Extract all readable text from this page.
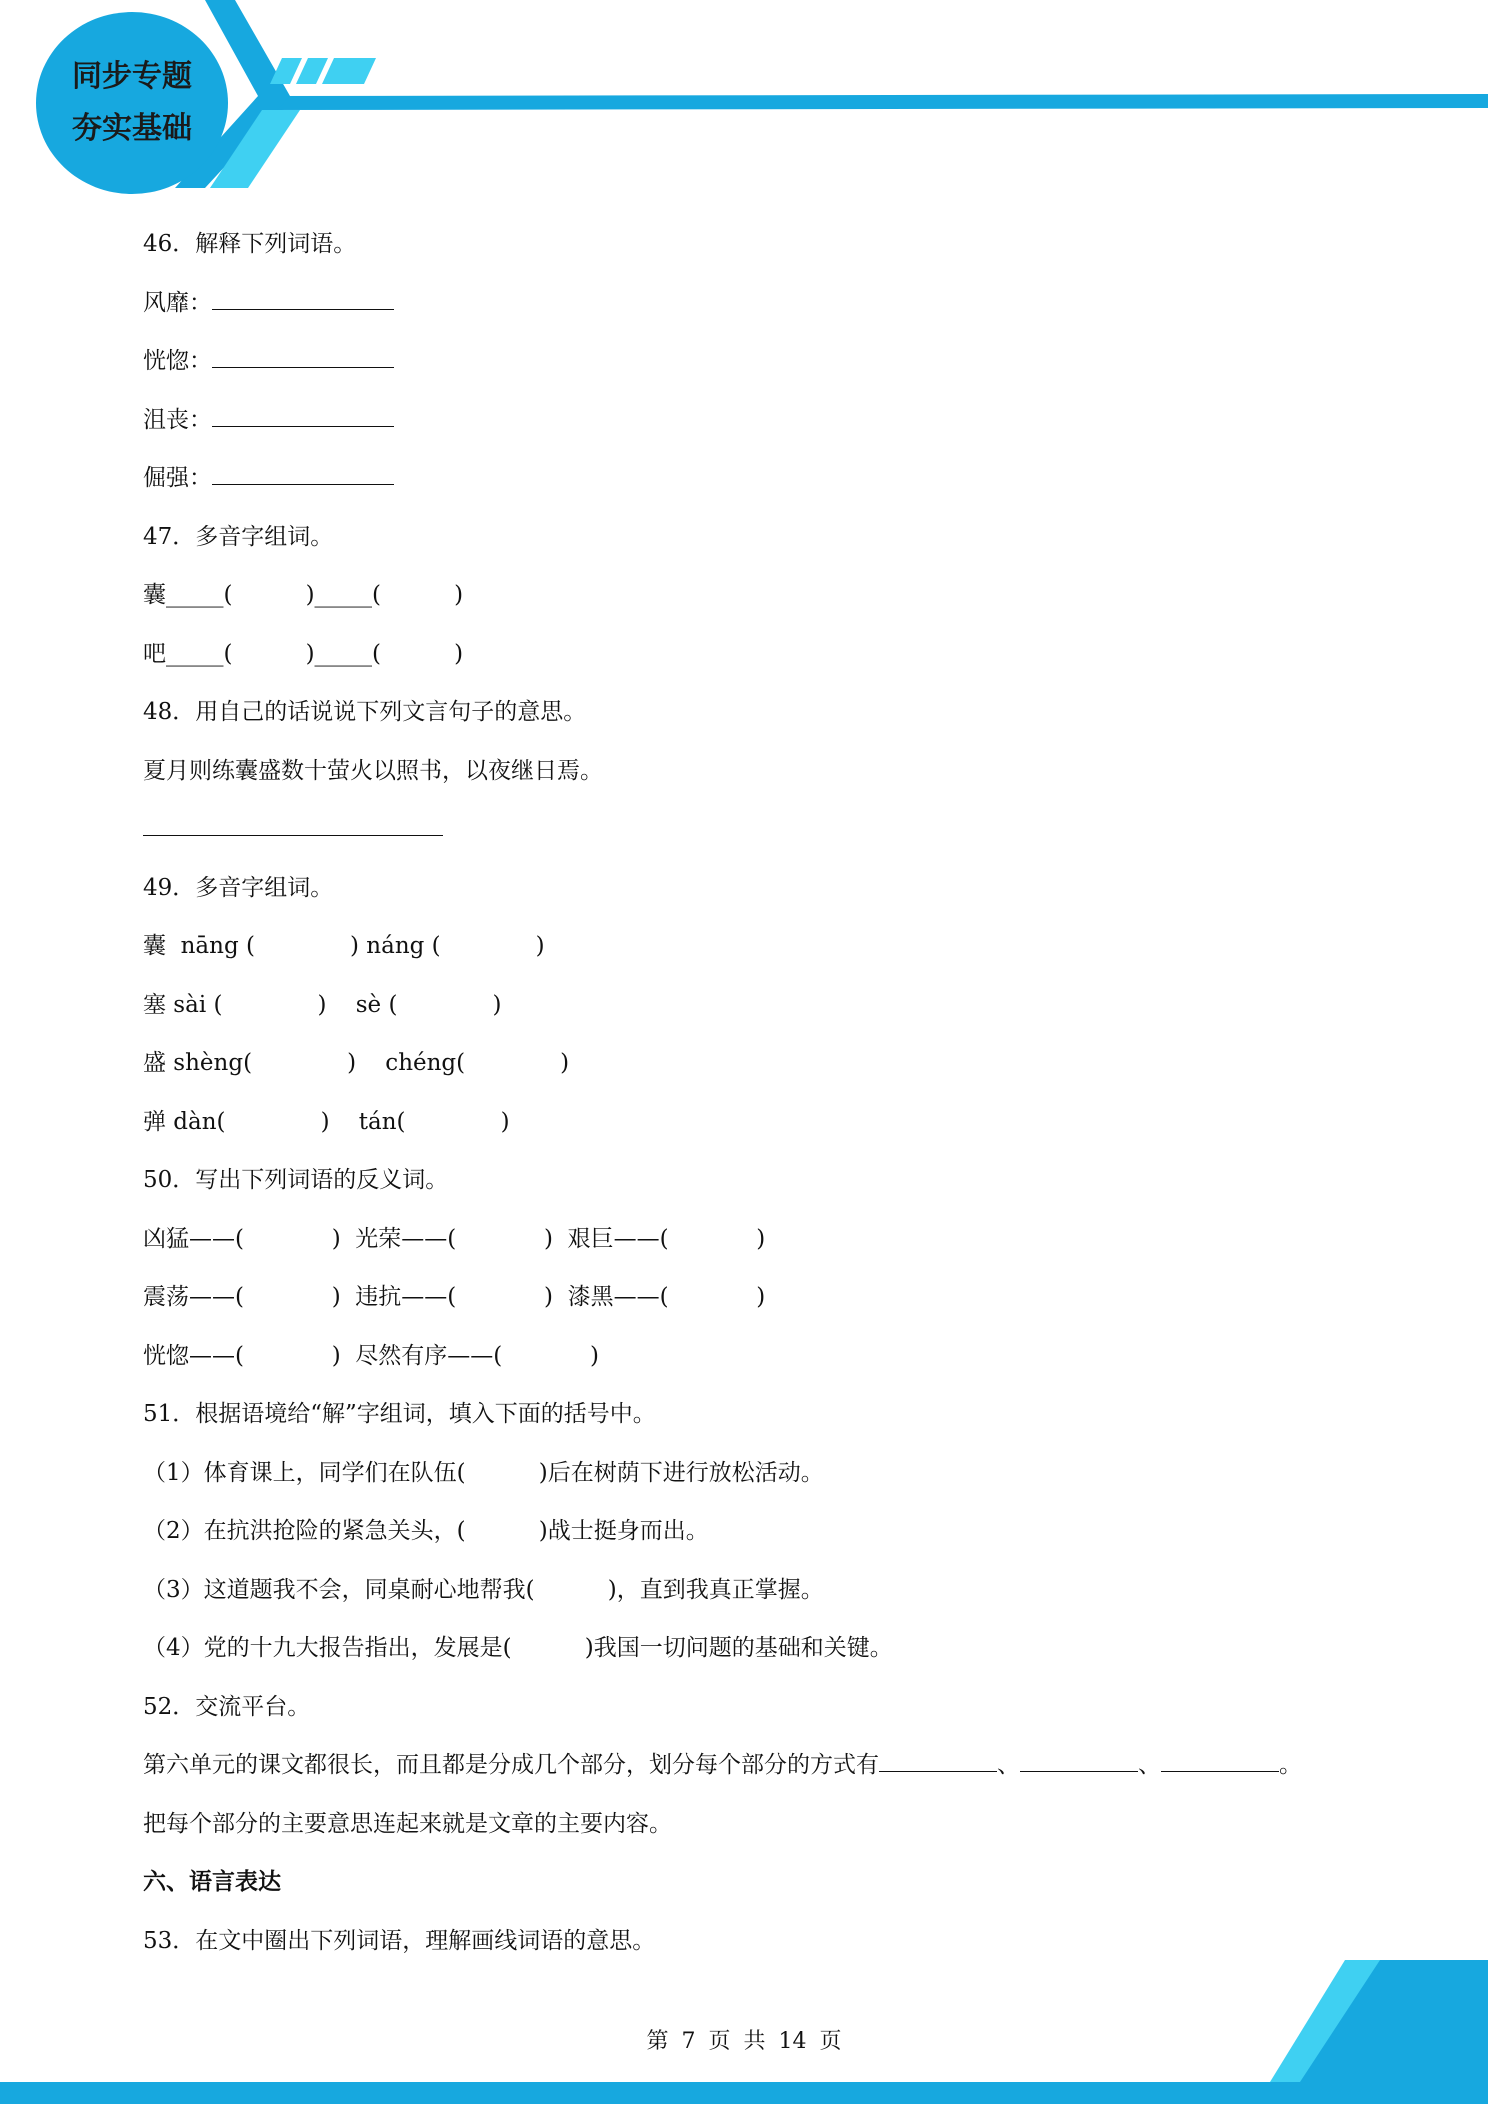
同步专题
夯实基础
46．解释下列词语。
风靡：
恍惚：
沮丧：
倔强：
47．多音字组词。
囊_____(          )_____(          )
吧_____(          )_____(          )
48．用自己的话说说下列文言句子的意思。
夏月则练囊盛数十萤火以照书，以夜继日焉。
49．多音字组词。
囊  nāng (             ) náng (             )
塞 sài (             )    sè (             )
盛 shèng(             )    chéng(             )
弹 dàn(             )    tán(             )
50．写出下列词语的反义词。
凶猛——(            )  光荣——(            )  艰巨——(            )
震荡——(            )  违抗——(            )  漆黑——(            )
恍惚——(            )  尽然有序——(            )
51．根据语境给“解”字组词，填入下面的括号中。
（1）体育课上，同学们在队伍(          )后在树荫下进行放松活动。
（2）在抗洪抢险的紧急关头，(          )战士挺身而出。
（3）这道题我不会，同桌耐心地帮我(          )，直到我真正掌握。
（4）党的十九大报告指出，发展是(          )我国一切问题的基础和关键。
52．交流平台。
第六单元的课文都很长，而且都是分成几个部分，划分每个部分的方式有	、	、	。
把每个部分的主要意思连起来就是文章的主要内容。
六、语言表达
53．在文中圈出下列词语，理解画线词语的意思。
第 7 页 共 14 页
